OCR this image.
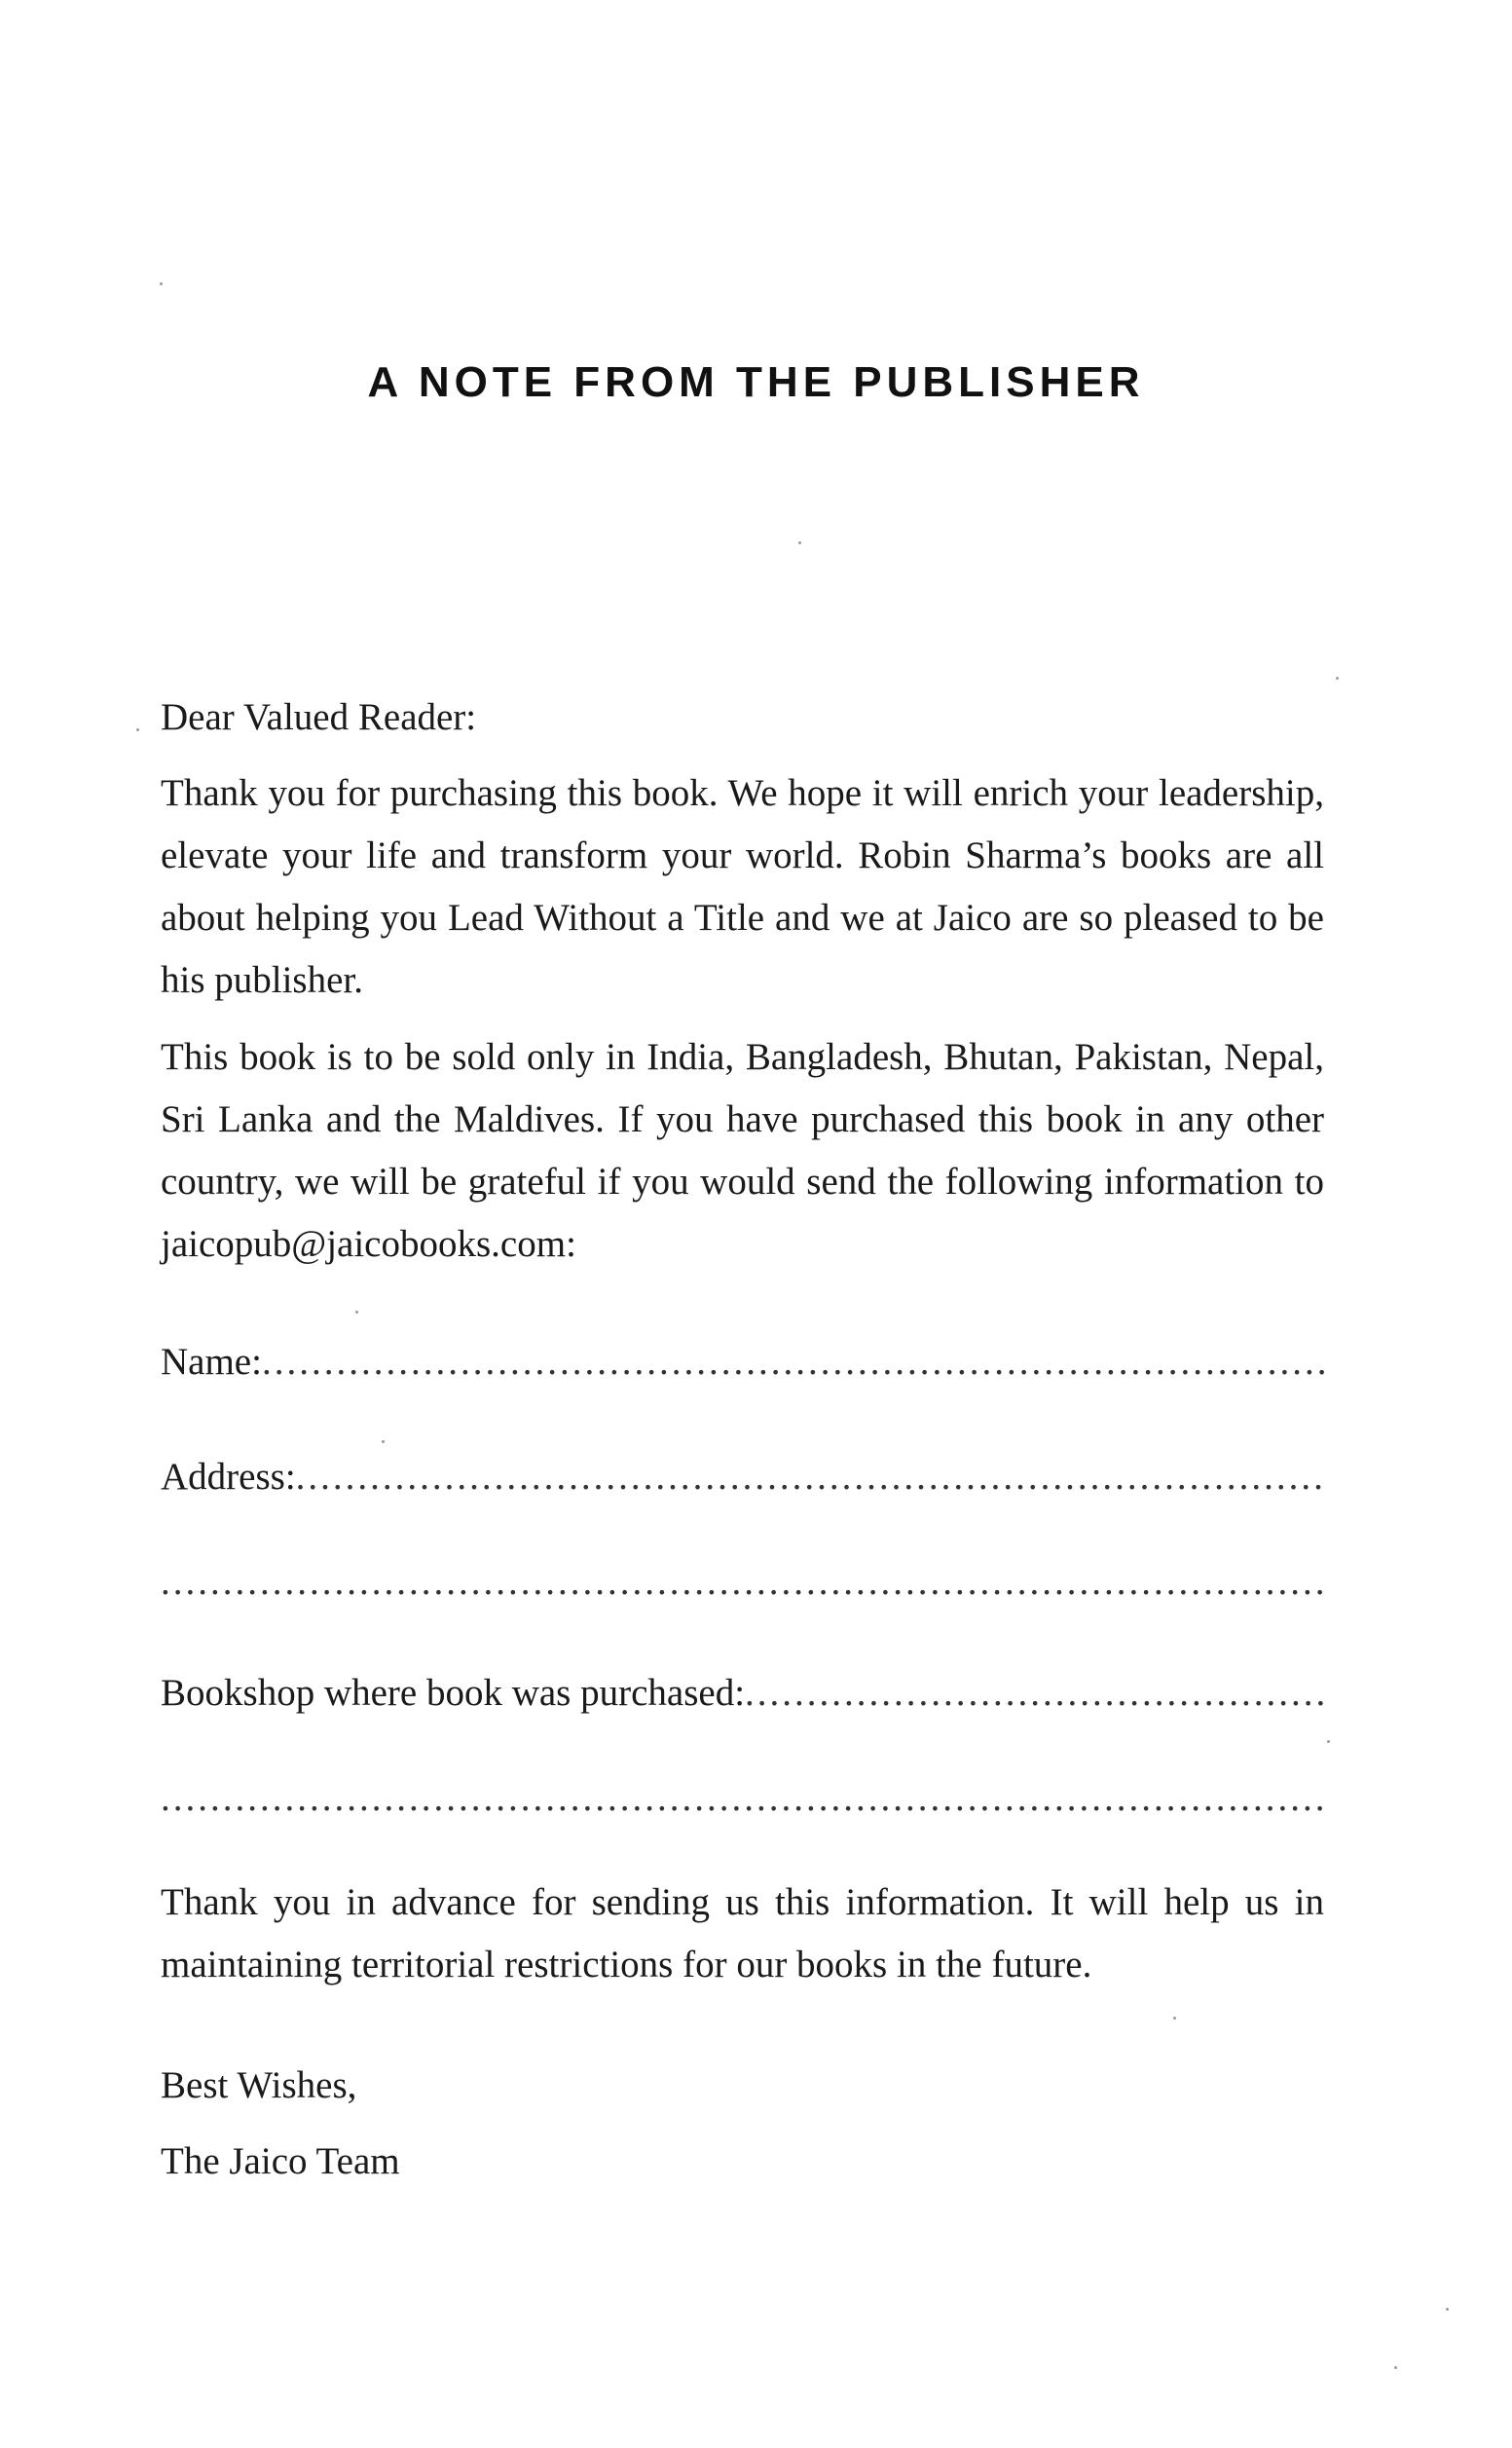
A NOTE FROM THE PUBLISHER

Dear Valued Reader:

Thank you for purchasing this book. We hope it will enrich your leadership, elevate your life and transform your world. Robin Sharma’s books are all about helping you Lead Without a Title and we at Jaico are so pleased to be his publisher.

This book is to be sold only in India, Bangladesh, Bhutan, Pakistan, Nepal, Sri Lanka and the Maldives. If you have purchased this book in any other country, we will be grateful if you would send the following information to jaicopub@jaicobooks.com:

Name:
.....
Address:
.....
.....
Bookshop where book was purchased:
.....
.....

Thank you in advance for sending us this information. It will help us in maintaining territorial restrictions for our books in the future.

Best Wishes,

The Jaico Team
